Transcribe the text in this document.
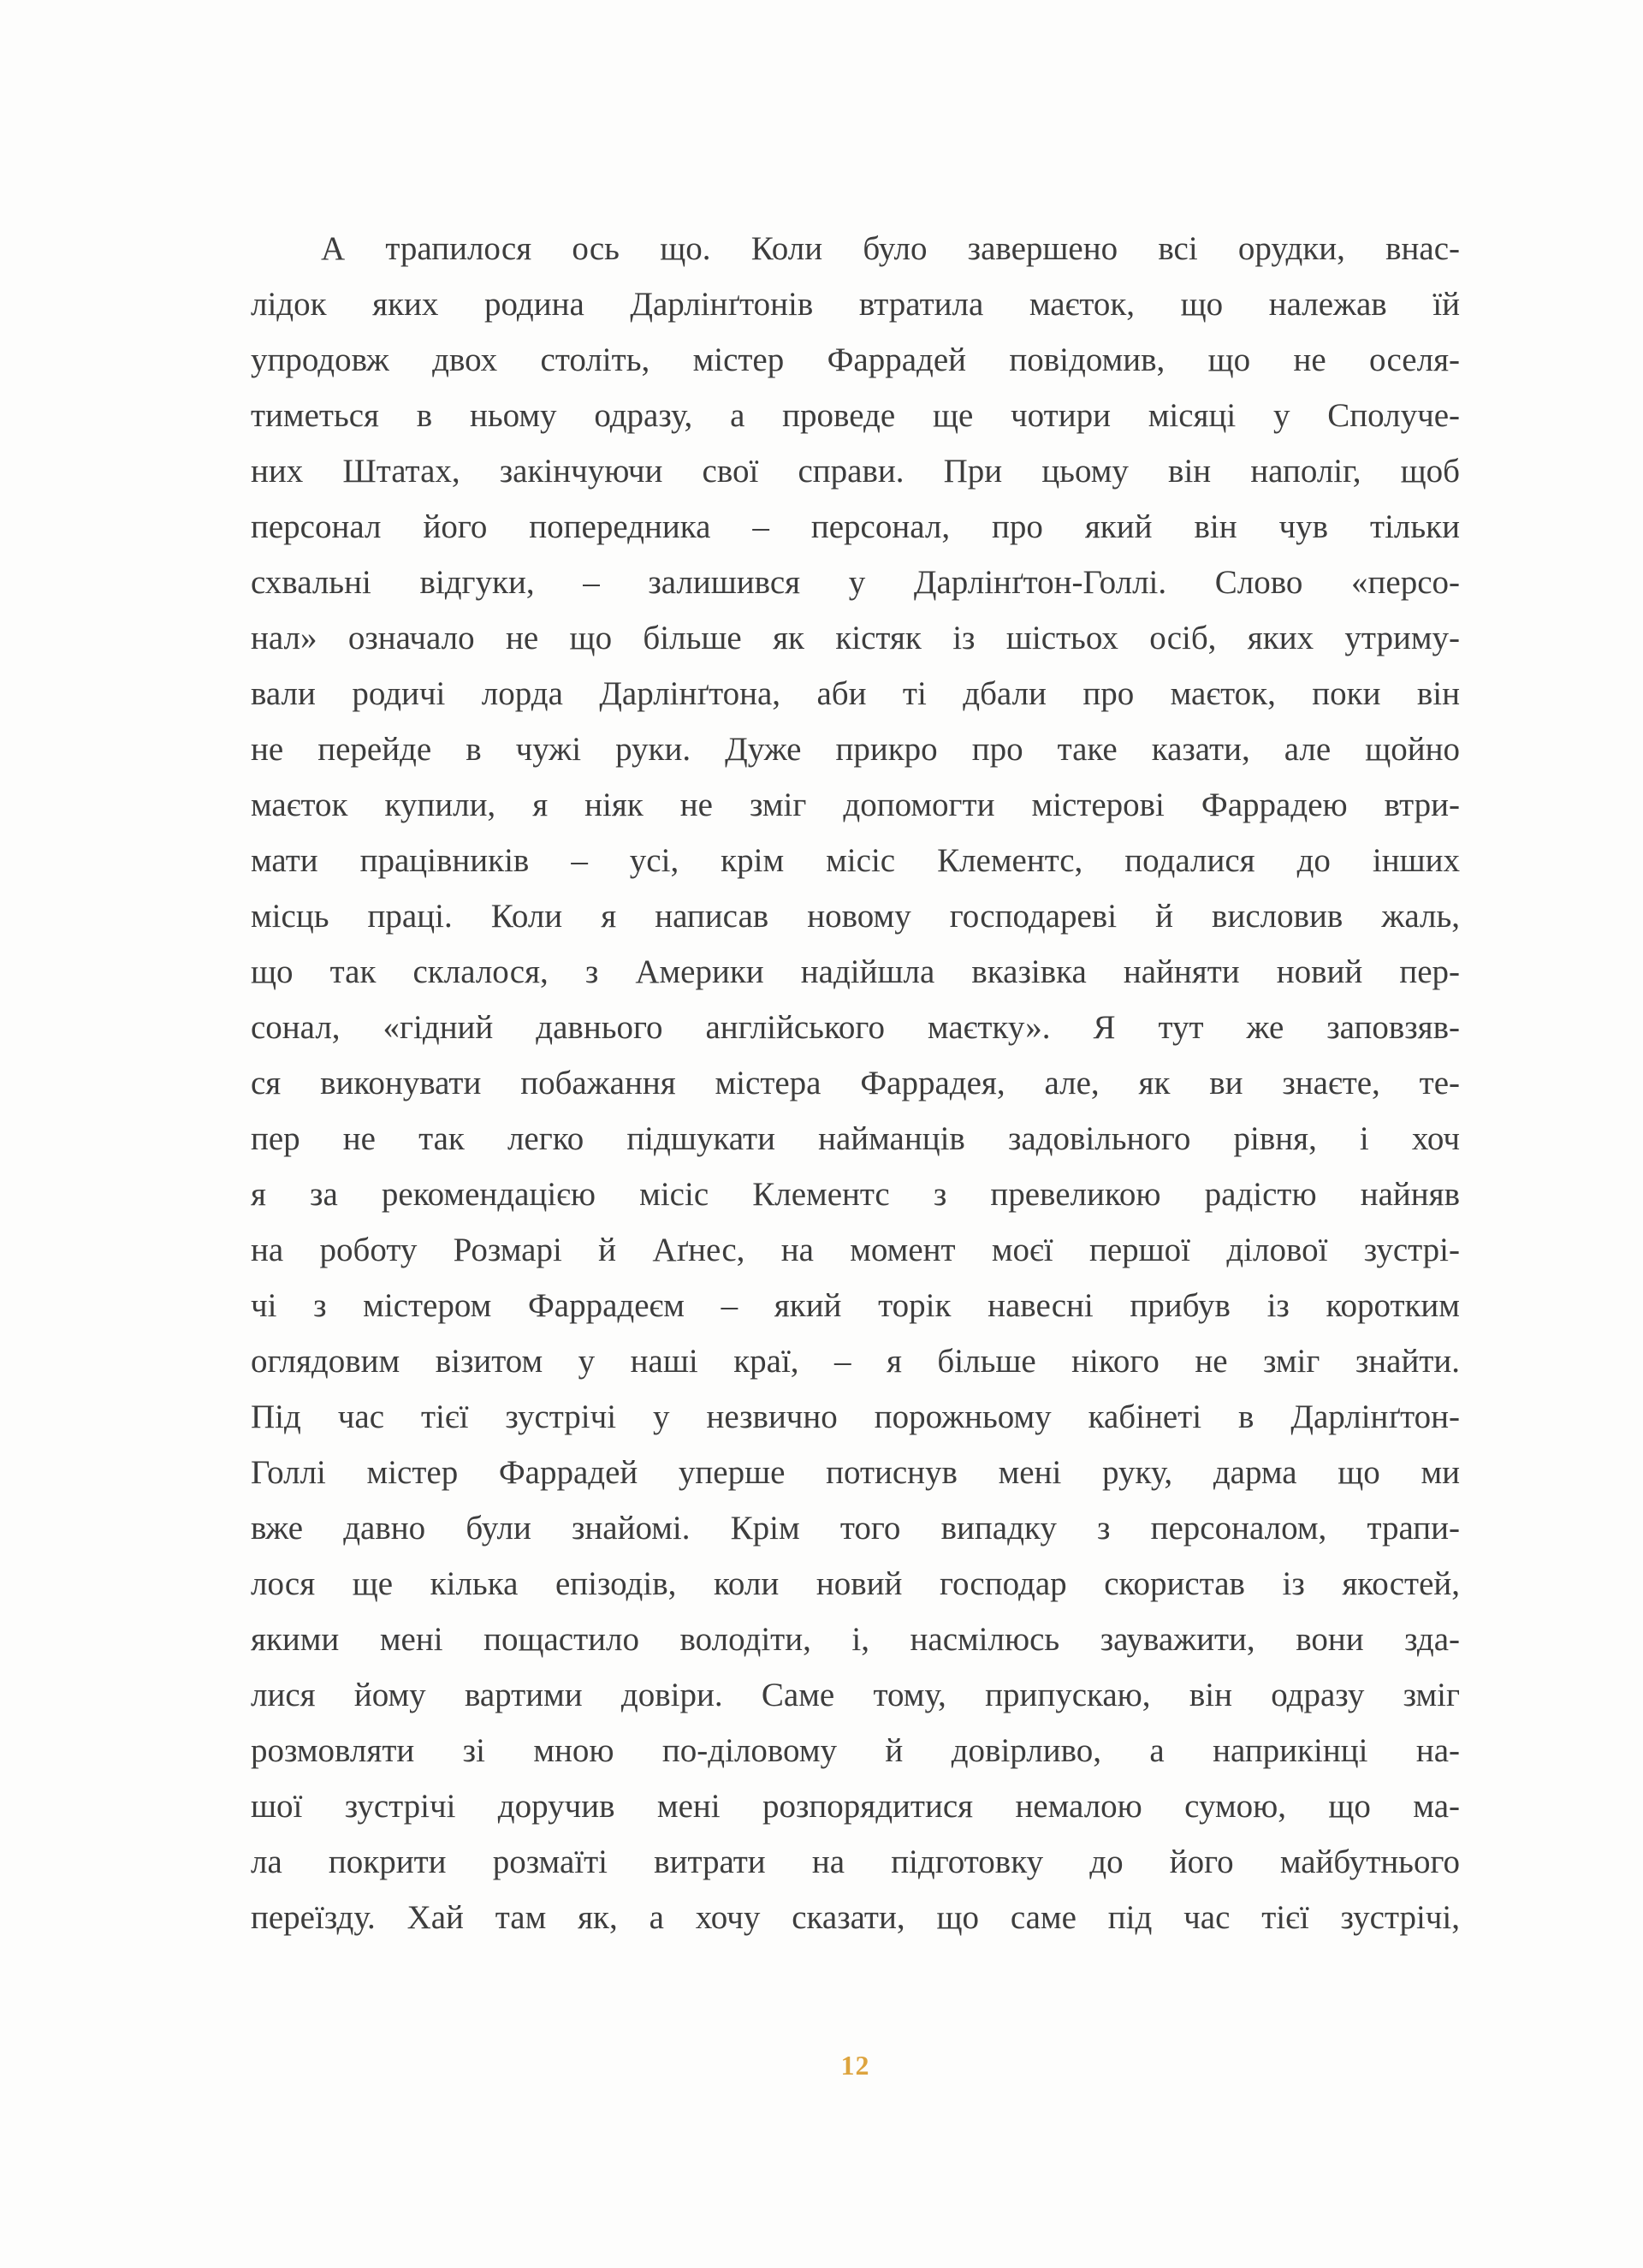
А трапилося ось що. Коли було завершено всі орудки, внас-

лідок яких родина Дарлінґтонів втратила маєток, що належав їй

упродовж двох століть, містер Фаррадей повідомив, що не оселя-

тиметься в ньому одразу, а проведе ще чотири місяці у Сполуче-

них Штатах, закінчуючи свої справи. При цьому він наполіг, щоб

персонал його попередника – персонал, про який він чув тільки

схвальні відгуки, – залишився у Дарлінґтон-Голлі. Слово «персо-

нал» означало не що більше як кістяк із шістьох осіб, яких утриму-

вали родичі лорда Дарлінґтона, аби ті дбали про маєток, поки він

не перейде в чужі руки. Дуже прикро про таке казати, але щойно

маєток купили, я ніяк не зміг допомогти містерові Фаррадею втри-

мати працівників – усі, крім місіс Клементс, подалися до інших

місць праці. Коли я написав новому господареві й висловив жаль,

що так склалося, з Америки надійшла вказівка найняти новий пер-

сонал, «гідний давнього англійського маєтку». Я тут же заповзяв-

ся виконувати побажання містера Фаррадея, але, як ви знаєте, те-

пер не так легко підшукати найманців задовільного рівня, і хоч

я за рекомендацією місіс Клементс з превеликою радістю найняв

на роботу Розмарі й Аґнес, на момент моєї першої ділової зустрі-

чі з містером Фаррадеєм – який торік навесні прибув із коротким

оглядовим візитом у наші краї, – я більше нікого не зміг знайти.

Під час тієї зустрічі у незвично порожньому кабінеті в Дарлінґтон-

Голлі містер Фаррадей уперше потиснув мені руку, дарма що ми

вже давно були знайомі. Крім того випадку з персоналом, трапи-

лося ще кілька епізодів, коли новий господар скористав із якостей,

якими мені пощастило володіти, і, насмілюсь зауважити, вони зда-

лися йому вартими довіри. Саме тому, припускаю, він одразу зміг

розмовляти зі мною по-діловому й довірливо, а наприкінці на-

шої зустрічі доручив мені розпорядитися немалою сумою, що ма-

ла покрити розмаїті витрати на підготовку до його майбутнього

переїзду. Хай там як, а хочу сказати, що саме під час тієї зустрічі,

12
